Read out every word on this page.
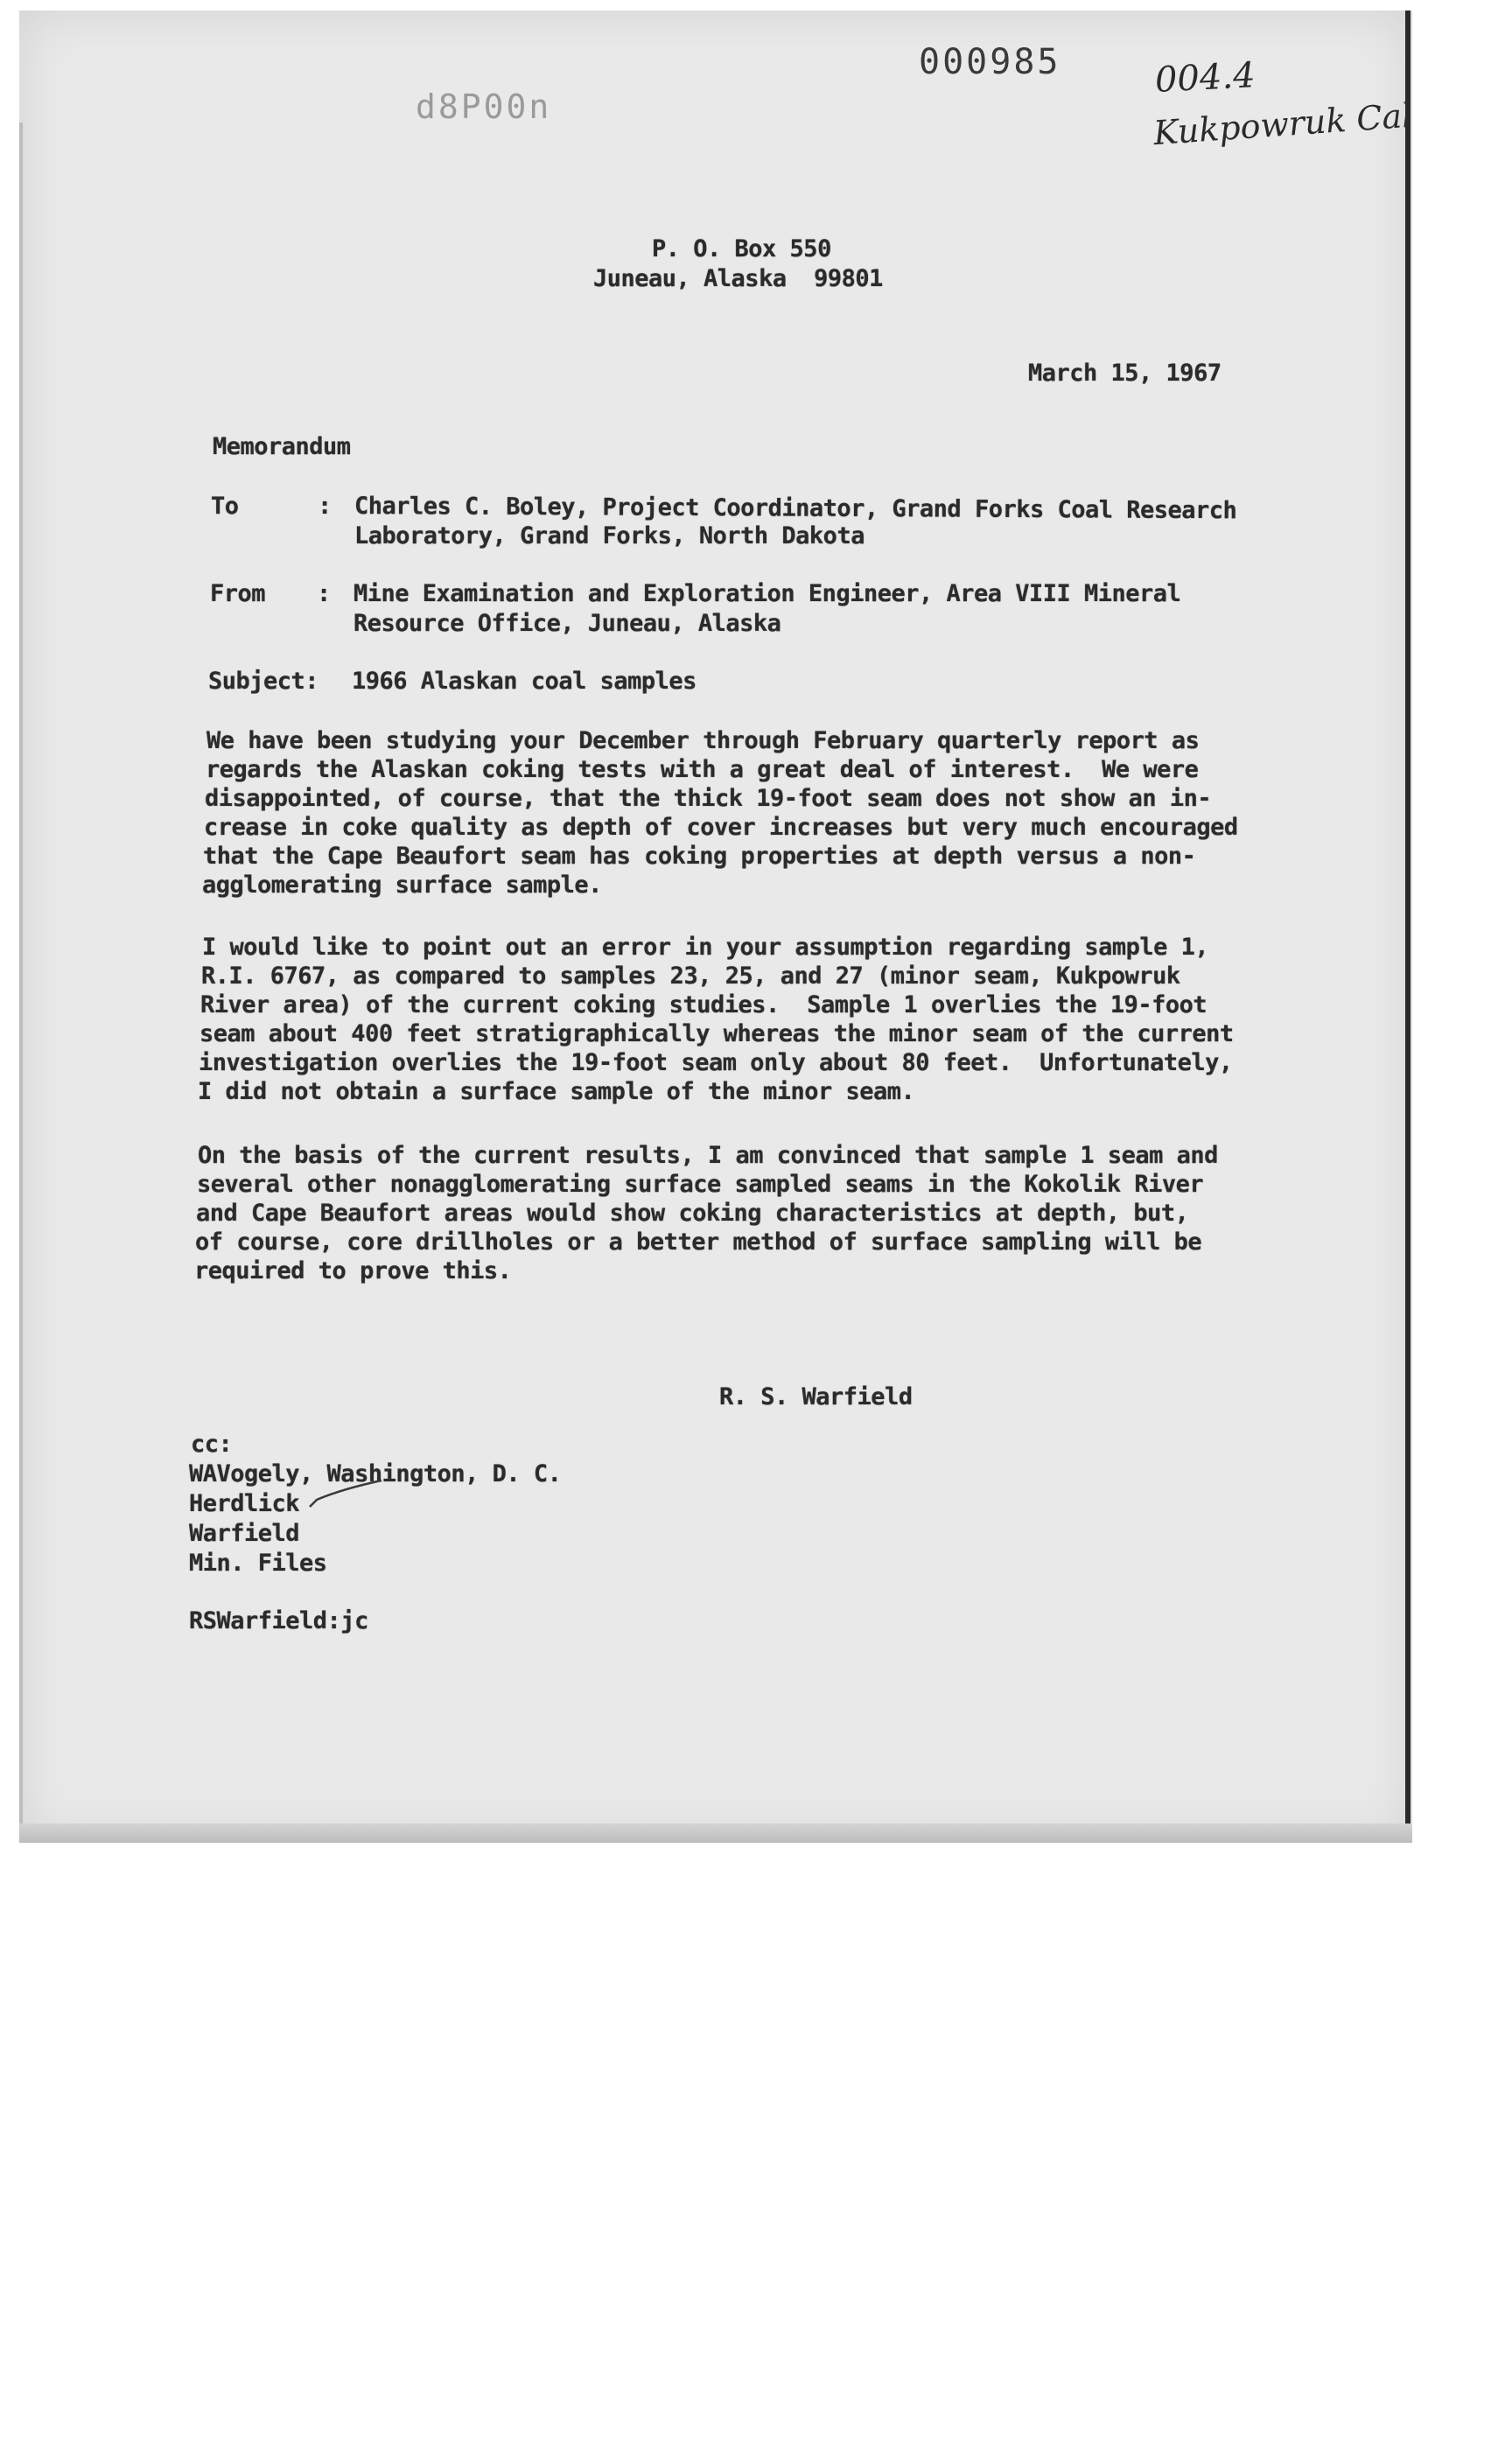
000985
d8P00n
004.4
Kukpowruk Cal
P. O. Box 550
Juneau, Alaska  99801
March 15, 1967
Memorandum
To	: Charles C. Boley, Project Coordinator, Grand Forks Coal Research
Laboratory, Grand Forks, North Dakota
From : Mine Examination and Exploration Engineer, Area VIII Mineral
Resource Office, Juneau, Alaska
Subject: 1966 Alaskan coal samples
We have been studying your December through February quarterly report as
regards the Alaskan coking tests with a great deal of interest.  We were
disappointed, of course, that the thick 19-foot seam does not show an in-
crease in coke quality as depth of cover increases but very much encouraged
that the Cape Beaufort seam has coking properties at depth versus a non-
agglomerating surface sample.
I would like to point out an error in your assumption regarding sample 1,
R.I. 6767, as compared to samples 23, 25, and 27 (minor seam, Kukpowruk
River area) of the current coking studies.  Sample 1 overlies the 19-foot
seam about 400 feet stratigraphically whereas the minor seam of the current
investigation overlies the 19-foot seam only about 80 feet.  Unfortunately,
I did not obtain a surface sample of the minor seam.
On the basis of the current results, I am convinced that sample 1 seam and
several other nonagglomerating surface sampled seams in the Kokolik River
and Cape Beaufort areas would show coking characteristics at depth, but,
of course, core drillholes or a better method of surface sampling will be
required to prove this.
R. S. Warfield
cc:
WAVogely, Washington, D. C.
Herdlick
Warfield
Min. Files
RSWarfield:jc
